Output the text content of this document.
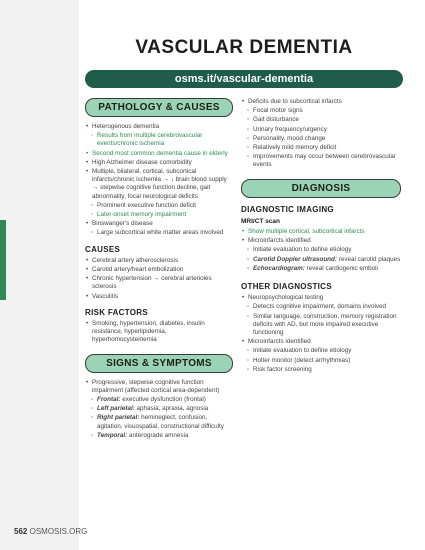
VASCULAR DEMENTIA
osms.it/vascular-dementia
PATHOLOGY & CAUSES
• Heterogenous dementia
◦ Results from multiple cerebrovascular events/chronic ischemia
• Second most common dementia cause in elderly
• High Alzheimer disease comorbidity
• Multiple, bilateral, cortical, subcortical infarcts/chronic ischemia → ↓ brain blood supply → stepwise cognitive function decline, gait abnormality, focal neurological deficits
◦ Prominent executive function deficit
◦ Later-onset memory impairment
• Binswanger's disease
◦ Large subcortical white matter areas involved
CAUSES
• Cerebral artery atherosclerosis
• Carotid artery/heart embolization
• Chronic hypertension → cerebral arterioles sclerosis
• Vasculitis
RISK FACTORS
• Smoking, hypertension, diabetes, insulin resistance, hyperlipidemia, hyperhomocysteinemia
SIGNS & SYMPTOMS
• Progressive, stepwise cognitive function impairment (affected cortical area-dependent)
◦ Frontal: executive dysfunction (frontal)
◦ Left parietal: aphasia, apraxia, agnosia
◦ Right parietal: hemineglect, confusion, agitation, visuospatial, constructional difficulty
◦ Temporal: anterograde amnesia
• Deficits due to subcortical infarcts
◦ Focal motor signs
◦ Gait disturbance
◦ Urinary frequency/urgency
◦ Personality, mood change
◦ Relatively mild memory deficit
◦ Improvements may occur between cerebrovascular events
DIAGNOSIS
DIAGNOSTIC IMAGING
MRI/CT scan
• Show multiple cortical, subcortical infarcts
• Microinfarcts identified
◦ Initiate evaluation to define etiology
◦ Carotid Doppler ultrasound: reveal carotid plaques
◦ Echocardiogram: reveal cardiogenic emboli
OTHER DIAGNOSTICS
• Neuropsychological testing
◦ Detects cognitive impairment, domains involved
◦ Similar language, construction, memory registration deficits with AD, but more impaired executive functioning
• Microinfarcts identified
◦ Initiate evaluation to define etiology
◦ Holter monitor (detect arrhythmias)
◦ Risk factor screening
562 OSMOSIS.ORG
